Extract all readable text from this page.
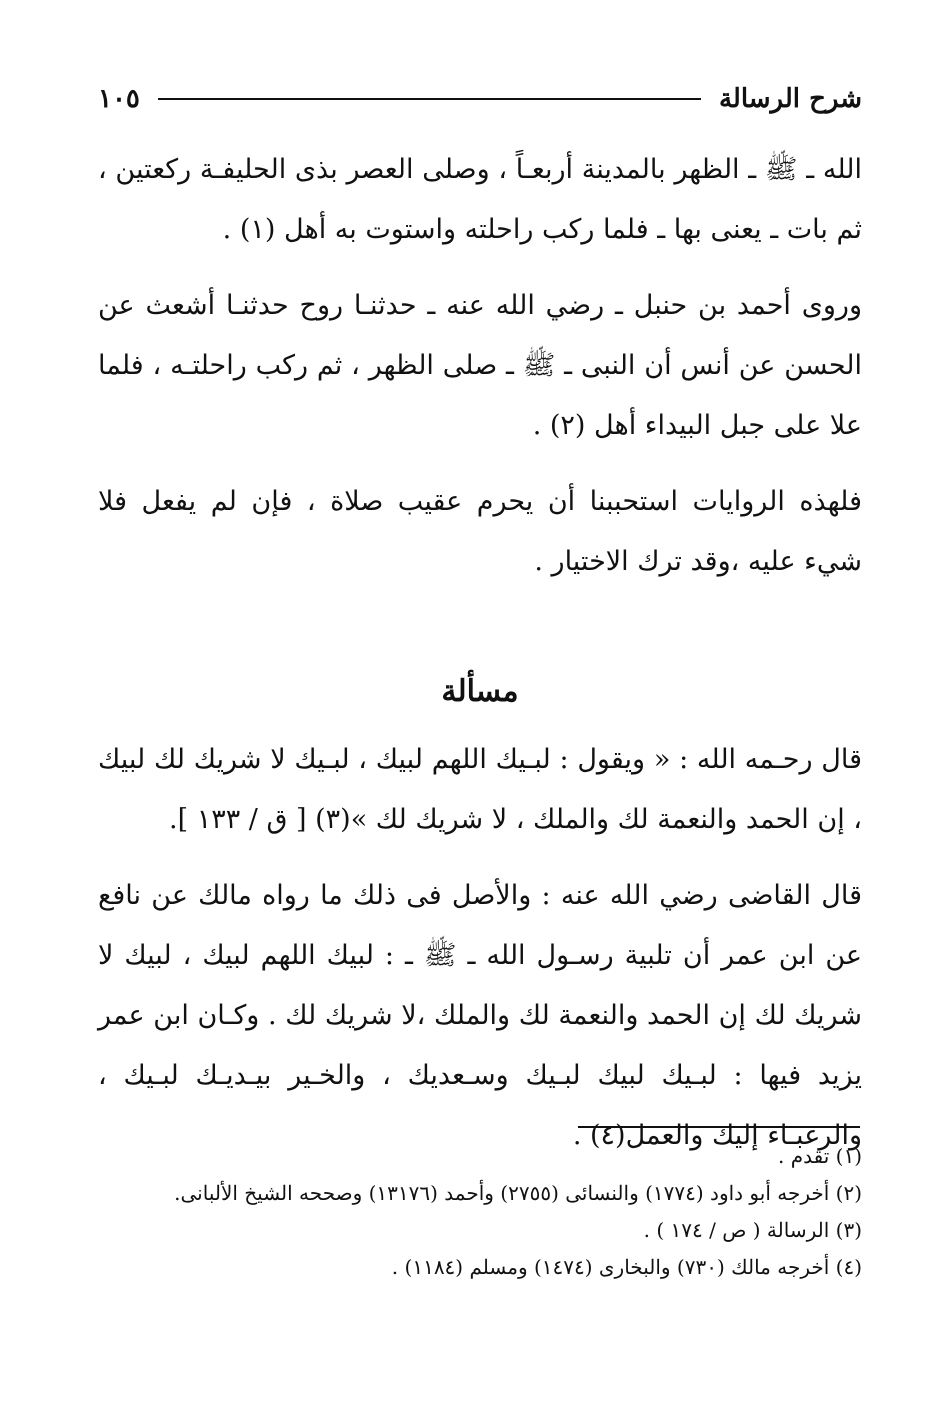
شرح الرسالة
١٠٥

الله ـ ﷺ ـ الظهر بالمدينة أربعـاً ، وصلى العصر بذى الحليفـة ركعتين ، ثم بات ـ يعنى بها ـ فلما ركب راحلته واستوت به أهل (١) .

وروى أحمد بن حنبل ـ رضي الله عنه ـ حدثنـا روح حدثنـا أشعث عن الحسن عن أنس أن النبى ـ ﷺ ـ صلى الظهر ، ثم ركب راحلتـه ، فلما علا على جبل البيداء أهل (٢) .

فلهذه الروايات استحببنا أن يحرم عقيب صلاة ، فإن لم يفعل فلا شيء عليه ،وقد ترك الاختيار .

مسألة

قال رحـمه الله : « ويقول : لبـيك اللهم لبيك ، لبـيك لا شريك لك لبيك ، إن الحمد والنعمة لك والملك ، لا شريك لك »(٣) [ ق / ١٣٣ ].

قال القاضى رضي الله عنه : والأصل فى ذلك ما رواه مالك عن نافع عن ابن عمر أن تلبية رسـول الله ـ ﷺ ـ : لبيك اللهم لبيك ، لبيك لا شريك لك إن الحمد والنعمة لك والملك ،لا شريك لك . وكـان ابن عمر يزيد فيها : لبـيك لبيك لبـيك وسـعديك ، والخـير بيـديـك لبـيك ، والرغبـاء إليك والعمل(٤) .

(١) تقدم .
(٢) أخرجه أبو داود (١٧٧٤) والنسائى (٢٧٥٥) وأحمد (١٣١٧٦) وصححه الشيخ الألبانى.
(٣) الرسالة ( ص / ١٧٤ ) .
(٤) أخرجه مالك (٧٣٠) والبخارى (١٤٧٤) ومسلم (١١٨٤) .
